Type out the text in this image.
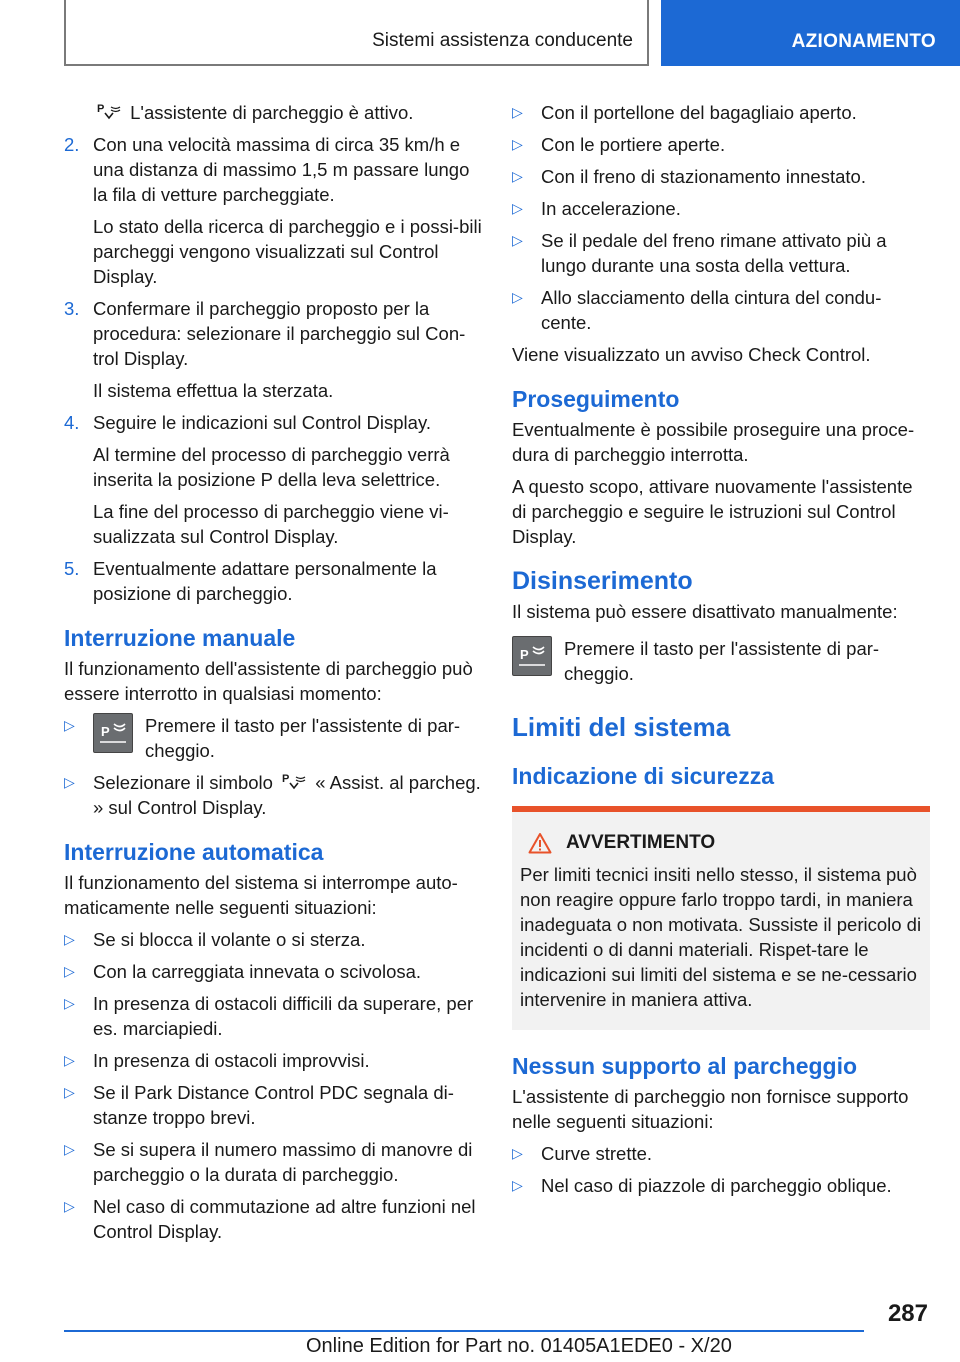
Sistemi assistenza conducente	AZIONAMENTO

P L'assistente di parcheggio è attivo.

2. Con una velocità massima di circa 35 km/h e una distanza di massimo 1,5 m passare lungo la fila di vetture parcheggiate.

Lo stato della ricerca di parcheggio e i possi-bili parcheggi vengono visualizzati sul Control Display.

3. Confermare il parcheggio proposto per la procedura: selezionare il parcheggio sul Con-trol Display.

Il sistema effettua la sterzata.

4. Seguire le indicazioni sul Control Display.

Al termine del processo di parcheggio verrà inserita la posizione P della leva selettrice.

La fine del processo di parcheggio viene vi-sualizzata sul Control Display.

5. Eventualmente adattare personalmente la posizione di parcheggio.
Interruzione manuale

Il funzionamento dell'assistente di parcheggio può essere interrotto in qualsiasi momento:

▷ P Premere il tasto per l'assistente di par-cheggio.
▷ Selezionare il simbolo P « Assist. al parcheg. » sul Control Display.
Interruzione automatica

Il funzionamento del sistema si interrompe auto-maticamente nelle seguenti situazioni:

▷ Se si blocca il volante o si sterza.
▷ Con la carreggiata innevata o scivolosa.
▷ In presenza di ostacoli difficili da superare, per es. marciapiedi.
▷ In presenza di ostacoli improvvisi.
▷ Se il Park Distance Control PDC segnala di-stanze troppo brevi.
▷ Se si supera il numero massimo di manovre di parcheggio o la durata di parcheggio.
▷ Nel caso di commutazione ad altre funzioni nel Control Display.
▷ Con il portellone del bagagliaio aperto.
▷ Con le portiere aperte.
▷ Con il freno di stazionamento innestato.
▷ In accelerazione.
▷ Se il pedale del freno rimane attivato più a lungo durante una sosta della vettura.
▷ Allo slacciamento della cintura del condu-cente.

Viene visualizzato un avviso Check Control.

Proseguimento

Eventualmente è possibile proseguire una proce-dura di parcheggio interrotta.

A questo scopo, attivare nuovamente l'assistente di parcheggio e seguire le istruzioni sul Control Display.

Disinserimento

Il sistema può essere disattivato manualmente:

P Premere il tasto per l'assistente di par-cheggio.
Limiti del sistema
Indicazione di sicurezza
AVVERTIMENTO
Per limiti tecnici insiti nello stesso, il sistema può non reagire oppure farlo troppo tardi, in maniera inadeguata o non motivata. Sussiste il pericolo di incidenti o di danni materiali. Rispet-tare le indicazioni sui limiti del sistema e se ne-cessario intervenire in maniera attiva.
Nessun supporto al parcheggio

L'assistente di parcheggio non fornisce supporto nelle seguenti situazioni:

▷ Curve strette.
▷ Nel caso di piazzole di parcheggio oblique.
287
Online Edition for Part no. 01405A1EDE0 - X/20
